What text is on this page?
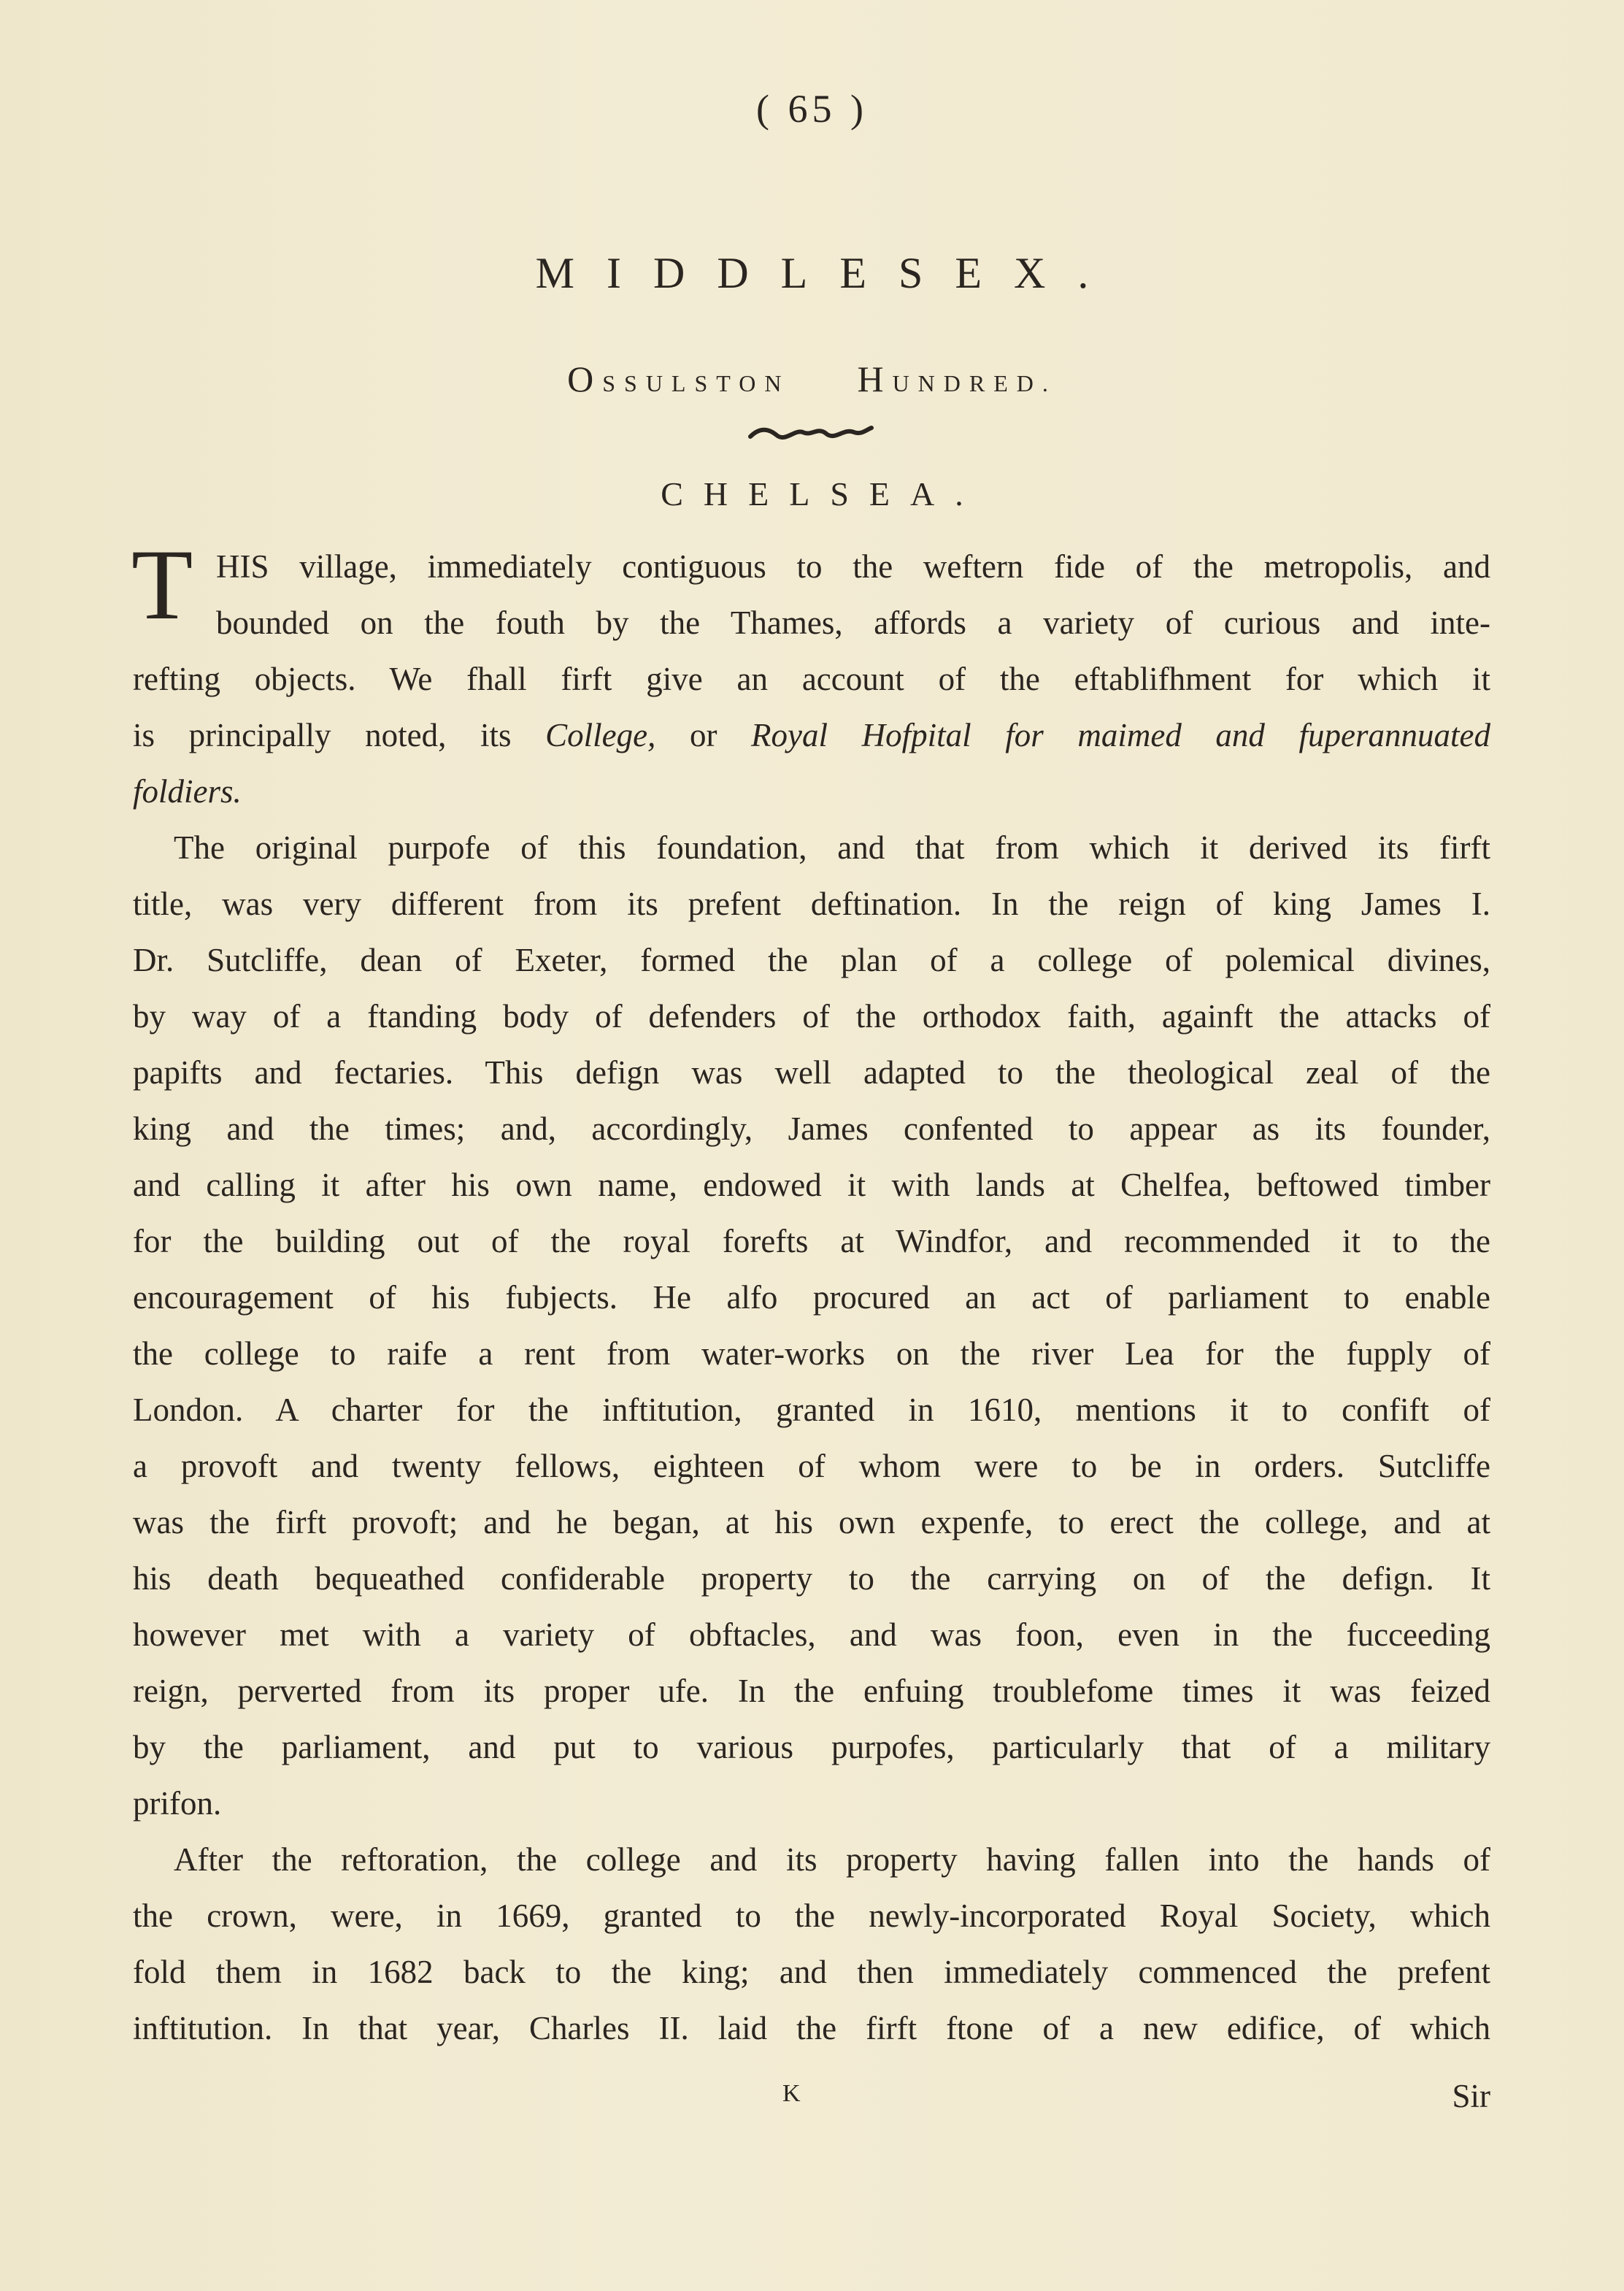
( 65 )
MIDDLESEX.
OSSULSTON HUNDRED.
CHELSEA.
T HIS village, immediately contiguous to the weftern fide of the metropolis, and
bounded on the fouth by the Thames, affords a variety of curious and inte-
refting objects. We fhall firft give an account of the eftablifhment for which it
is principally noted, its College, or Royal Hofpital for maimed and fuperannuated
foldiers.
The original purpofe of this foundation, and that from which it derived its firft
title, was very different from its prefent deftination. In the reign of king James I.
Dr. Sutcliffe, dean of Exeter, formed the plan of a college of polemical divines,
by way of a ftanding body of defenders of the orthodox faith, againft the attacks of
papifts and fectaries. This defign was well adapted to the theological zeal of the
king and the times; and, accordingly, James confented to appear as its founder,
and calling it after his own name, endowed it with lands at Chelfea, beftowed timber
for the building out of the royal forefts at Windfor, and recommended it to the
encouragement of his fubjects. He alfo procured an act of parliament to enable
the college to raife a rent from water-works on the river Lea for the fupply of
London. A charter for the inftitution, granted in 1610, mentions it to confift of
a provoft and twenty fellows, eighteen of whom were to be in orders. Sutcliffe
was the firft provoft; and he began, at his own expenfe, to erect the college, and at
his death bequeathed confiderable property to the carrying on of the defign. It
however met with a variety of obftacles, and was foon, even in the fucceeding
reign, perverted from its proper ufe. In the enfuing troublefome times it was feized
by the parliament, and put to various purpofes, particularly that of a military
prifon.
After the reftoration, the college and its property having fallen into the hands of
the crown, were, in 1669, granted to the newly-incorporated Royal Society, which
fold them in 1682 back to the king; and then immediately commenced the prefent
inftitution. In that year, Charles II. laid the firft ftone of a new edifice, of which
K	Sir
